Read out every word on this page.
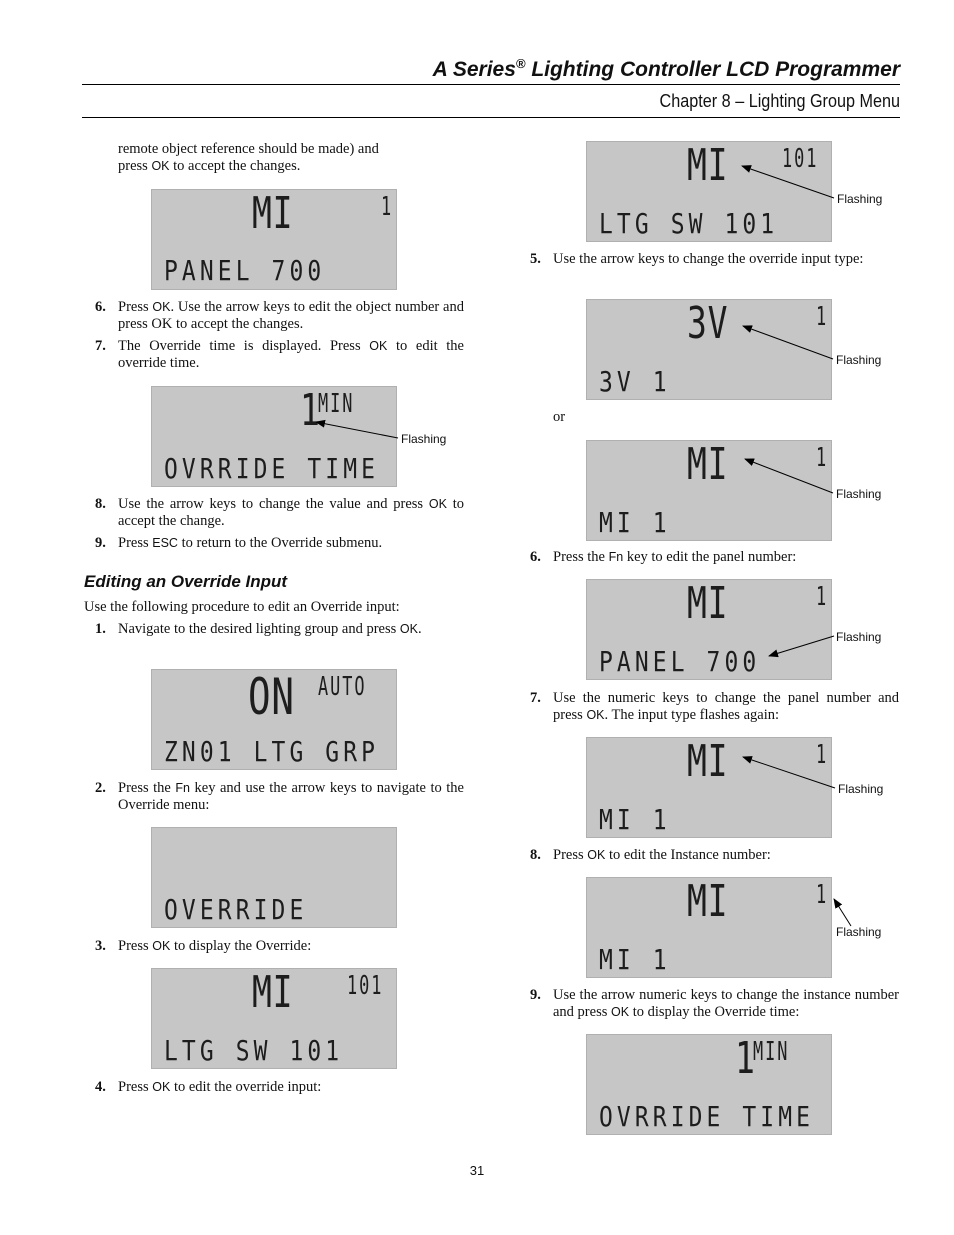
A Series® Lighting Controller LCD Programmer
Chapter 8 – Lighting Group Menu
remote object reference should be made) and
press OK to accept the changes.
MI	1
PANEL 700
6. Press OK. Use the arrow keys to edit the object number and press OK to accept the changes.
7. The Override time is displayed. Press OK to edit the override time.
1
MIN
OVRRIDE TIME
Flashing
8. Use the arrow keys to change the value and press OK to accept the change.
9. Press ESC to return to the Override submenu.
Editing an Override Input
Use the following procedure to edit an Override input:
1. Navigate to the desired lighting group and press OK.
ON AUTO
ZN01 LTG GRP
2. Press the Fn key and use the arrow keys to navigate to the Override menu:
OVERRIDE
3. Press OK to display the Override:
MI 101
LTG SW 101
4. Press OK to edit the override input:
MI 101
LTG SW 101
Flashing
5. Use the arrow keys to change the override input type:
3V	1
3V 1
Flashing
or
MI	1
MI 1
Flashing
6. Press the Fn key to edit the panel number:
MI	1
PANEL 700
Flashing
7. Use the numeric keys to change the panel number and press OK. The input type flashes again:
MI	1
MI 1
Flashing
8. Press OK to edit the Instance number:
MI	1
MI 1
Flashing
9. Use the arrow numeric keys to change the instance number and press OK to display the Override time:
1
MIN
OVRRIDE TIME
31
